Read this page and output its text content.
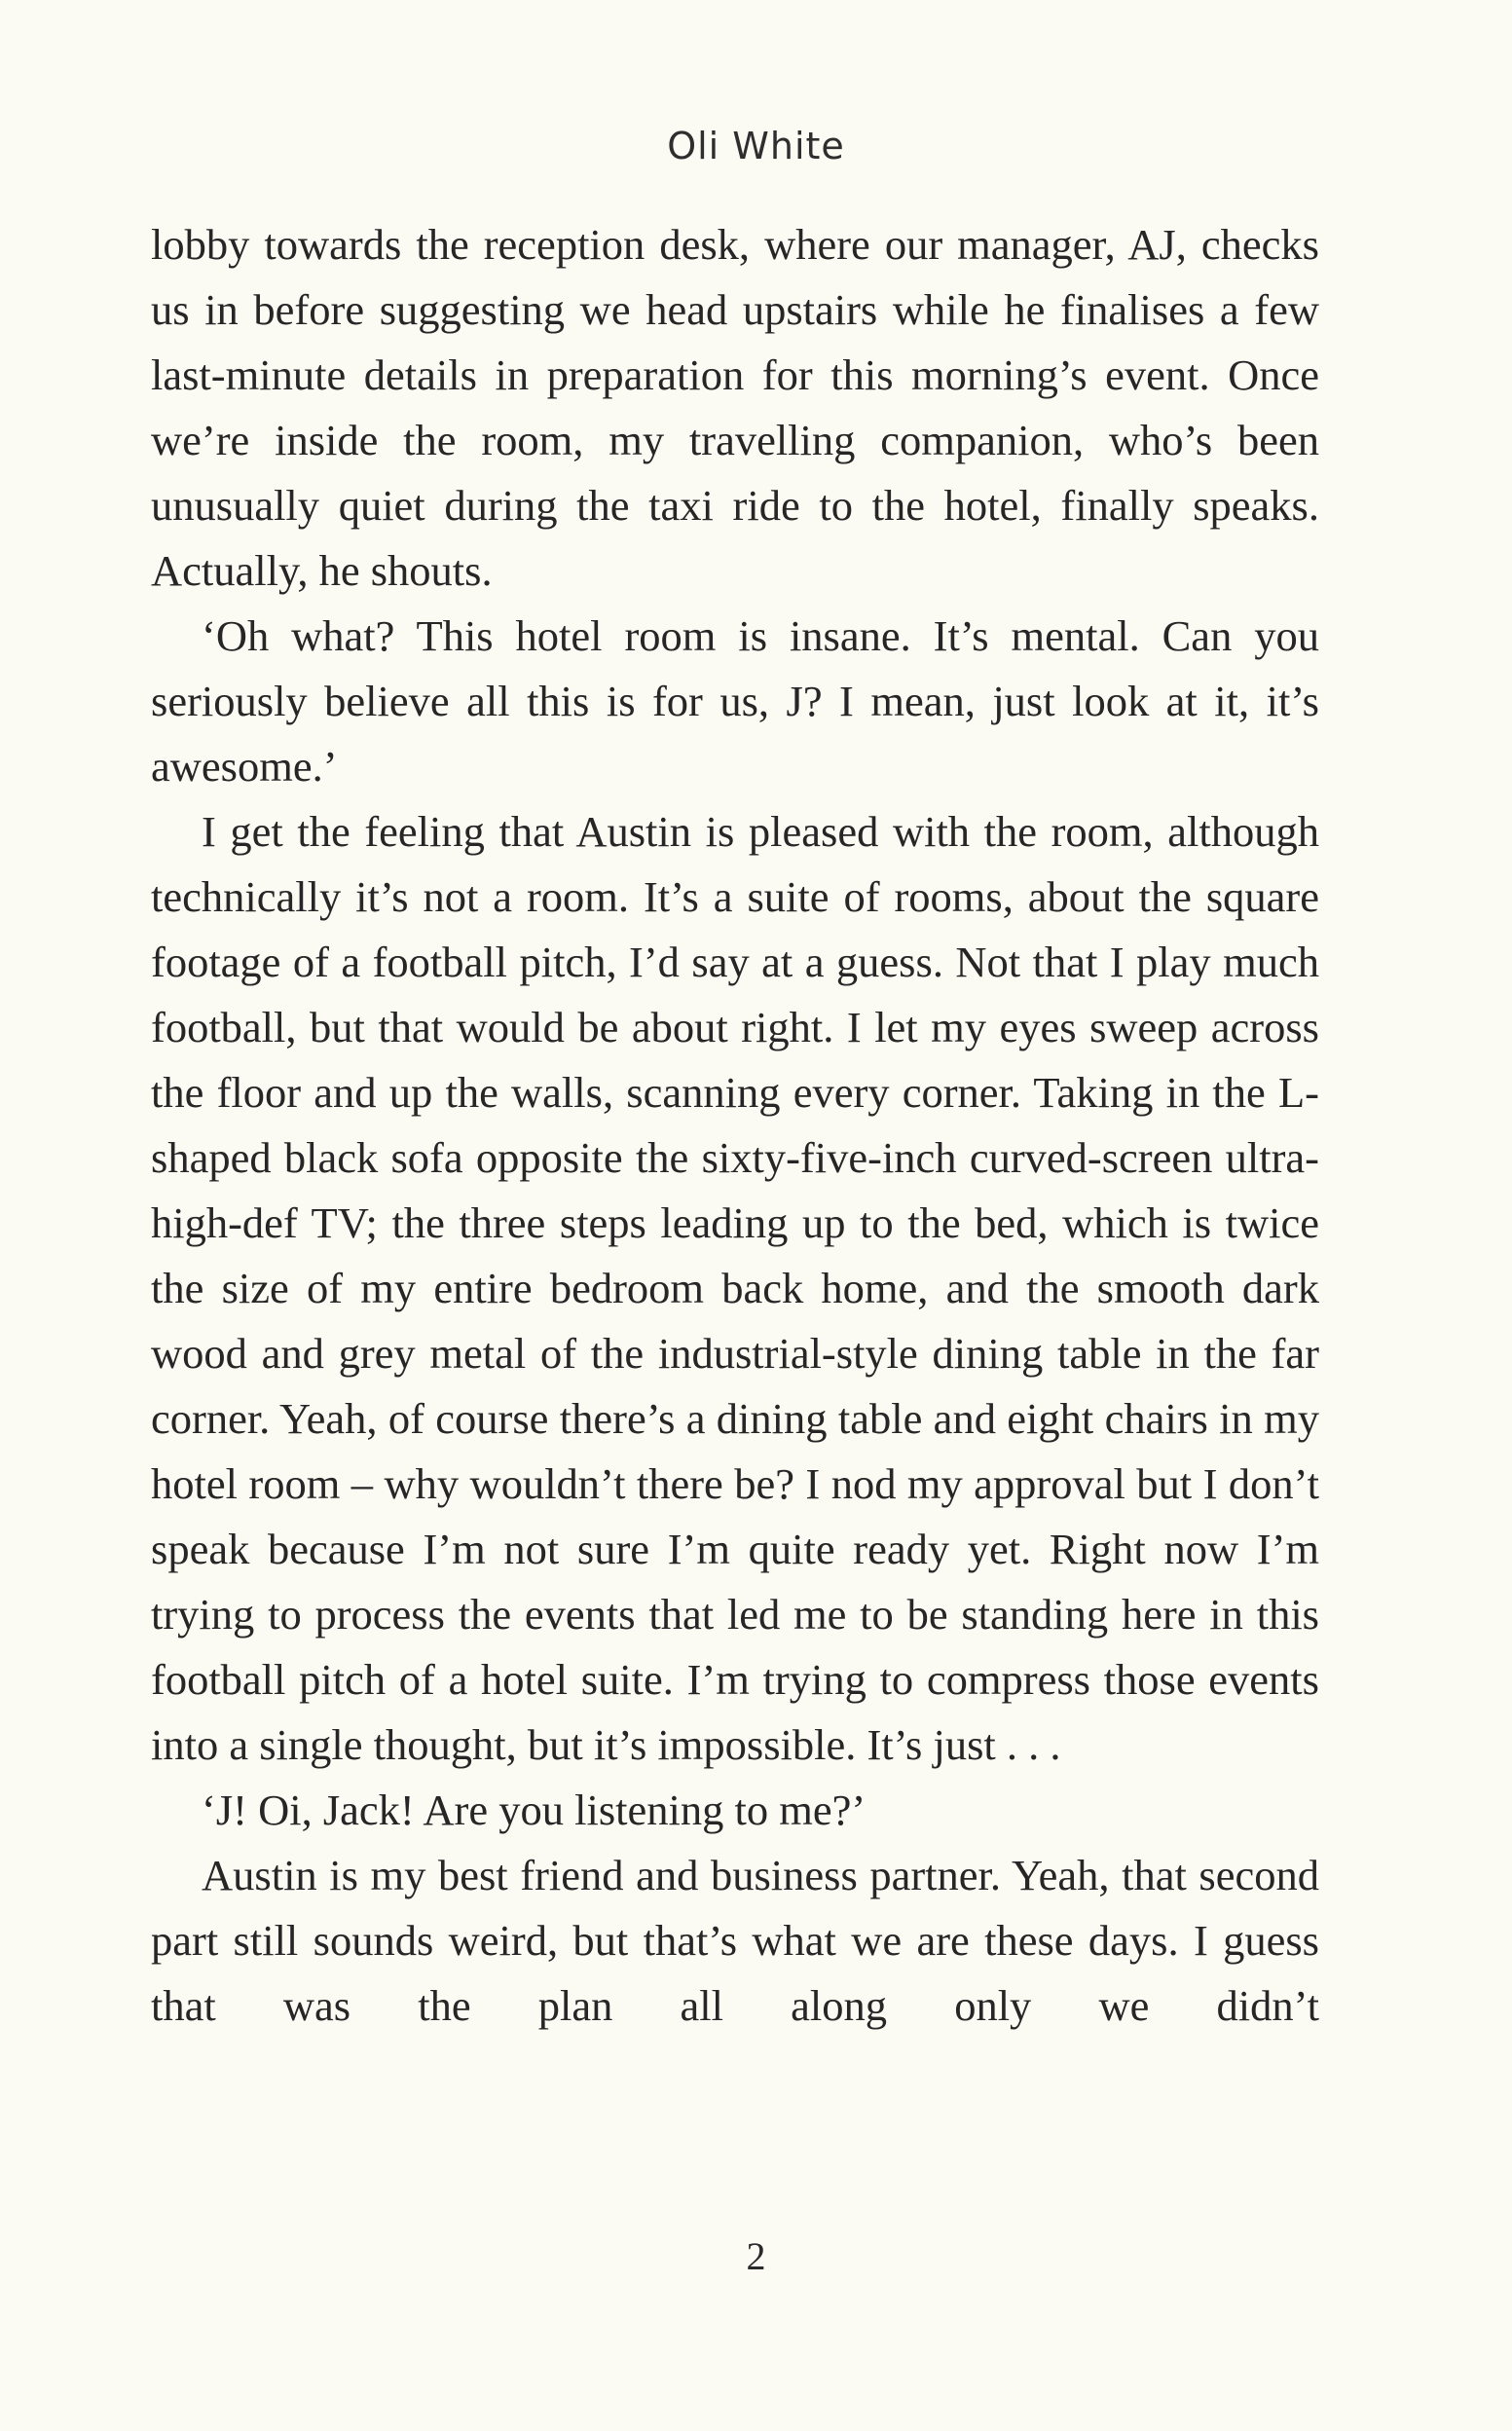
Oli White

lobby towards the reception desk, where our manager, AJ, checks us in before suggesting we head upstairs while he finalises a few last-minute details in preparation for this morning’s event. Once we’re inside the room, my travelling companion, who’s been unusually quiet during the taxi ride to the hotel, finally speaks. Actually, he shouts.

‘Oh what? This hotel room is insane. It’s mental. Can you seriously believe all this is for us, J? I mean, just look at it, it’s awesome.’

I get the feeling that Austin is pleased with the room, although technically it’s not a room. It’s a suite of rooms, about the square footage of a football pitch, I’d say at a guess. Not that I play much football, but that would be about right. I let my eyes sweep across the floor and up the walls, scanning every corner. Taking in the L-shaped black sofa opposite the sixty-five-inch curved-screen ultra-high-def TV; the three steps leading up to the bed, which is twice the size of my entire bedroom back home, and the smooth dark wood and grey metal of the industrial-style dining table in the far corner. Yeah, of course there’s a dining table and eight chairs in my hotel room – why wouldn’t there be? I nod my approval but I don’t speak because I’m not sure I’m quite ready yet. Right now I’m trying to process the events that led me to be standing here in this football pitch of a hotel suite. I’m trying to compress those events into a single thought, but it’s impossible. It’s just . . .

‘J! Oi, Jack! Are you listening to me?’

Austin is my best friend and business partner. Yeah, that second part still sounds weird, but that’s what we are these days. I guess that was the plan all along only we didn’t

2
